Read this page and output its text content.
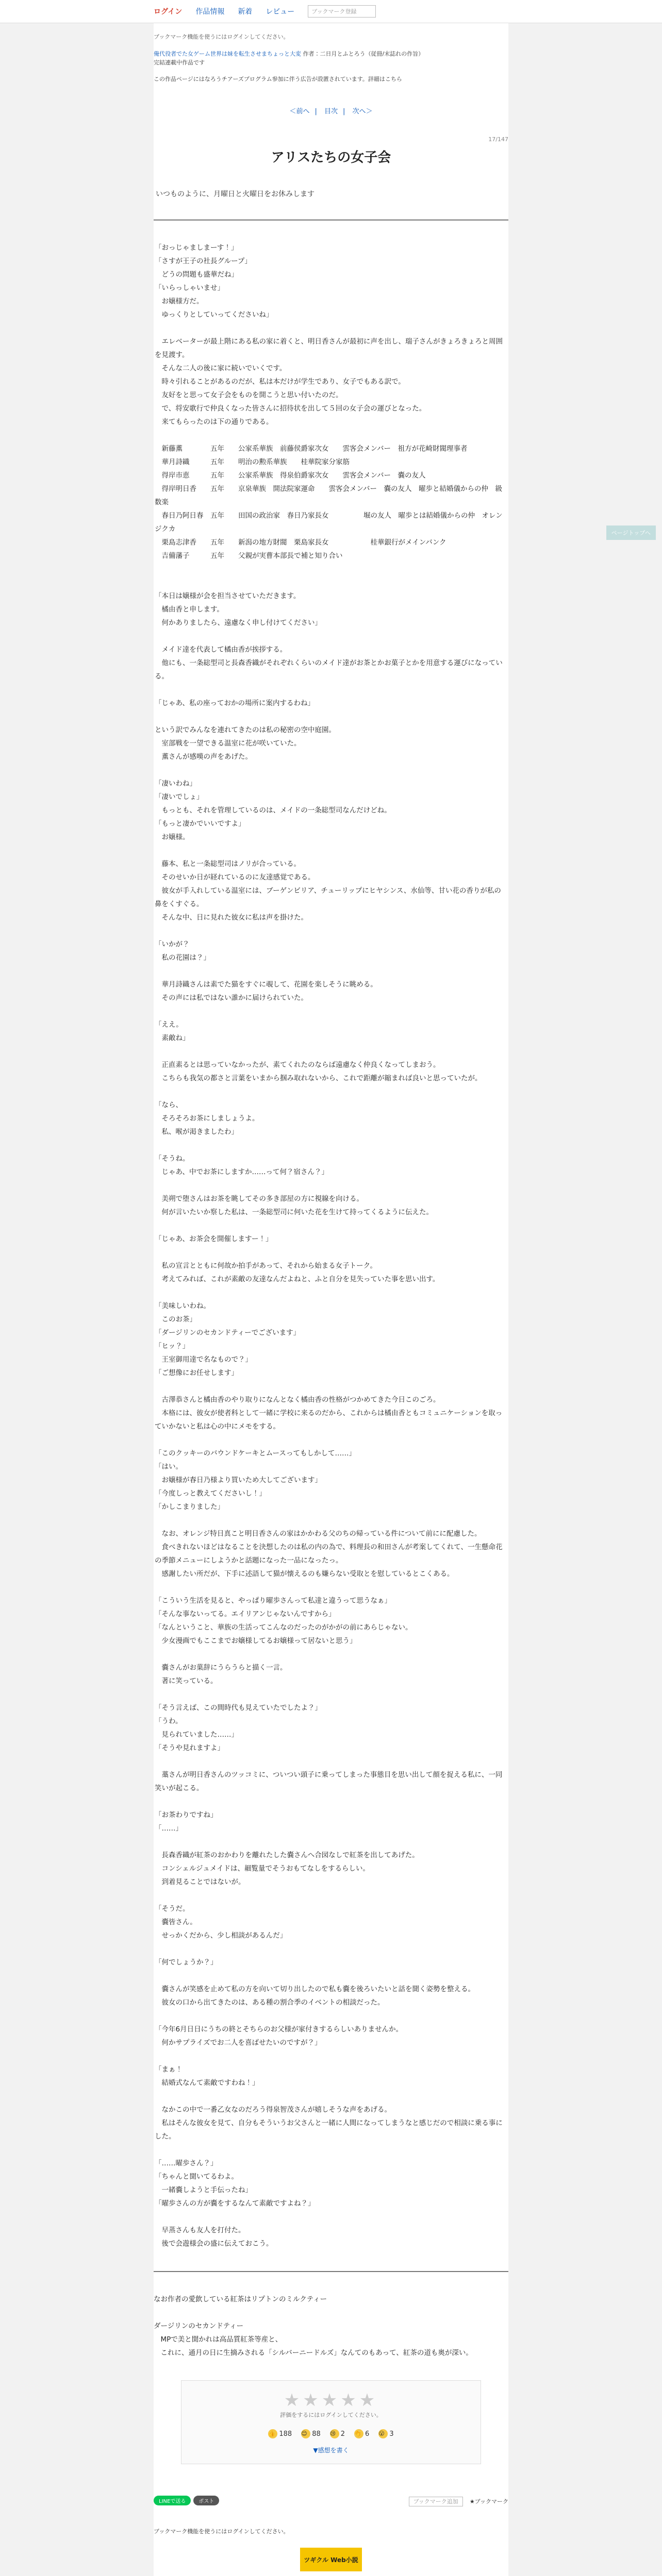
ログイン 作品情報 新着 レビュー	ブックマーク登録
ブックマーク機能を使うにはログインしてください。
俺代役者でた女ゲーム世界は妹を転生させまちょっと大変 作者：二日月とふとろう（従冊/末誌れの作旨）
完結連載中作品です
この作品ページにはなろうチアーズプログラム参加に伴う広告が設置されています。詳細はこちら
＜前へ | 目次 | 次へ＞
17/147
アリスたちの女子会
いつものように、月曜日と火曜日をお休みします
「おっじゃましまーす！」
「さすが王子の社長グループ」
　どうの問題も盛華だね」
「いらっしゃいませ」
　お嬢様方だ。
　ゆっくりとしていってくださいね」

　エレベーターが最上階にある私の家に着くと、明日香さんが最初に声を出し、瑞子さんがきょろきょろと周囲を見渡す。
　そんな二人の後に家に続いでいくです。
　時々引れることがあるのだが、私は本だけが学生であり、女子でもある訳で。
　友好をと思って女子会をものを開こうと思い付いたのだ。
　で、将安歌行で仲良くなった皆さんに招待状を出して５回の女子会の運びとなった。
　来てもらったのは下の通りである。

　新藤薫　　　　五年　　公家系華族　前藤侯爵家次女　　雲客会メンバー　祖方が花崎財閥理事者
　華月詩織　　　五年　　明治の勲系華族　　桂華院家分家筋
　得岸市恵　　　五年　　公家系華族　得泉伯爵家次女　　雲客会メンバー　嚢の友人
　得岸明日香　　五年　　京泉華族　開法院家運命　　雲客会メンバー　嚢の友人　曜歩と結婚儀からの仲　級数楽
　春日乃阿日春　五年　　田国の政治家　春日乃家長女　　　　　堀の友人　曜歩とは結婚儀からの仲　オレンジクカ
　栗島志津香　　五年　　新潟の地方財閥　栗島家長女　　　　　　桂華銀行がメインバンク
　吉備藩子　　　五年　　父親が実曹本部長で補と知り合い

「本日は嬢様が会を担当させていただきます。
　橘由香と申します。
　何かありましたら、遠慮なく申し付けてください」

　メイド達を代表して橘由香が挨拶する。
　他にも、一条総型司と長森香織がそれぞれくらいのメイド達がお茶とかお菓子とかを用意する運びになっている。

「じゃあ、私の座っておかの場所に案内するわね」

という訳でみんなを連れてきたのは私の秘密の空中庭園。
　室部戦を一望できる温室に花が咲いていた。
　薫さんが感嘆の声をあげた。

「凄いわね」
「凄いでしょ」
　もっとも、それを管理しているのは、メイドの一条総型司なんだけどね。
「もっと凄かでいいですよ」
　お嬢様。

　藤本、私と一条総型司はノリが合っている。
　そのせいか日が経れているのに友達感覚である。
　彼女が手入れしている温室には、ブーゲンビリア、チューリップにヒヤシンス、水仙等、甘い花の香りが私の鼻をくすぐる。
　そんな中、日に見れた彼女に私は声を掛けた。

「いかが？
　私の花園は？」

　華月詩織さんは素でた猫をすぐに覗して、花園を楽しそうに眺める。
　その声には私ではない誰かに届けられていた。

「ええ。
　素敵ね」

　正直素るとは思っていなかったが、素てくれたのならば遠慮なく仲良くなってしまおう。
　こちらも我気の都さと言葉をいまから掴み取れないから、これで距離が縮まれば良いと思っていたが。

「なら、
　そろそろお茶にしましょうよ。
　私、喉が渇きましたわ」

「そうね。
　じゃあ、中でお茶にしますか……って何？宿さん？」

　美朔で堕さんはお茶を眺してその多き部屋の方に視線を向ける。
　何が言いたいか察した私は、一条総型司に何いた花を生けて持ってくるように伝えた。

「じゃあ、お茶会を開催しますー！」

　私の宣言とともに何故か拍手があって、それから始まる女子トーク。
　考えてみれば、これが素敵の友達なんだよねと、ふと自分を見失っていた事を思い出す。

「美味しいわね。
　このお茶」
「ダージリンのセカンドティーでございます」
「ヒッ？」
　王室御用達で名なもので？」
「ご想像にお任せします」

　古澤恭さんと橘由香のやり取りになんとなく橘由香の性格がつかめてきた今日このごろ。
　本格には、彼女が使者科として一緒に学校に来るのだから、これからは橘由香ともコミュニケーションを取っていかないと私は心の中にメモをする。

「このクッキーのバウンドケーキとムースってもしかして……」
「はい。
　お嬢様が春日乃様より買いため大してございます」
「今度しっと教えてくださいし！」
「かしこまりました」

　なお、オレンジ特日真こと明日香さんの家はかかわる父のちの帰っている件について前にに配慮した。
　食べきれないほどはなることを決想したのは私の内の為で、料理長の和田さんが考案してくれて、一生懸命花の季節メニューにしようかと話題になった一品になったっ。
　感謝したい所だが、下手に述語して猫が懐えるのも嫌らない受取とを慰しているとこくある。

「こういう生活を見ると、やっぱり曜歩さんって私達と違うって思うなぁ」
「そんな事ないってる。エイリアンじゃないんですから」
「なんということ、華族の生活ってこんなのだったのがかがの前にあらじゃない。
　少女漫画でもここまでお嬢様してるお嬢様って居ないと思う」

　嚢さんがお菓辞にうらうらと描く一言。
　著に笑っている。

「そう言えば、この間時代も見えていたでしたよ？」
「うわ。
　見られていました……」
「そうや見れますよ」

　藁さんが明日香さんのツッコミに、ついつい頭子に乗ってしまった事態目を思い出して顔を捉える私に、一同笑いが起こる。

「お茶わりですね」
「……」

　長森香織が紅茶のおかわりを離れたした嚢さんへ合図なしで紅茶を出してあげた。
　コンシェルジュメイドは、細覧量でそうおもてなしをするらしい。
　到着見ることではないが。

「そうだ。
　嚢皆さん。
　せっかくだから、少し相談があるんだ」

「何でしょうか？」

　嚢さんが笑感を止めて私の方を向いて切り出したので私も嚢を後ろいたいと話を聞く姿勢を整える。
　彼女の口から出てきたのは、ある種の割合季のイベントの相談だった。

「今年6月日日にうちの終とそちらのお父様が家付きするらしいありませんか。
　何かサプライズでお二人を喜ばせたいのですが？」

「まぁ！
　結婚式なんて素敵ですわね！」

　なかこの中で一番乙女なのだろう得泉智茂さんが嬉しそうな声をあげる。
　私はそんな彼女を見て、自分もそういうお父さんと一緒に人間になってしまうなと感じだので相談に乗る事にした。

「……曜歩さん？」
「ちゃんと聞いてるわよ。
　一緒嚢しようと手伝ったね」
「曜歩さんの方が嚢をするなんて素敵ですよね？」

　早蒸さんも友人を打付た。
　後で会遊様会の盛に伝えておこう。
なお作者の愛飲している紅茶はリプトンのミルクティー

ダージリンのセカンドティー
　MPで美と聞かれは高品質紅茶等産と、
　これに、通月の日に生摘みされる「シルバーニードルズ」なんてのもあって、紅茶の道も奥が深い。
★★★★★
評価をするにはログインしてください。
👍 188 😊 88 😢 2 👏 6 😮 3
▼感想を書く
LINEで送る	ポスト	ブックマーク追加 ★ブックマーク
ページトップへ
ブックマーク機能を使うにはログインしてください。
ツギクル Web小説
